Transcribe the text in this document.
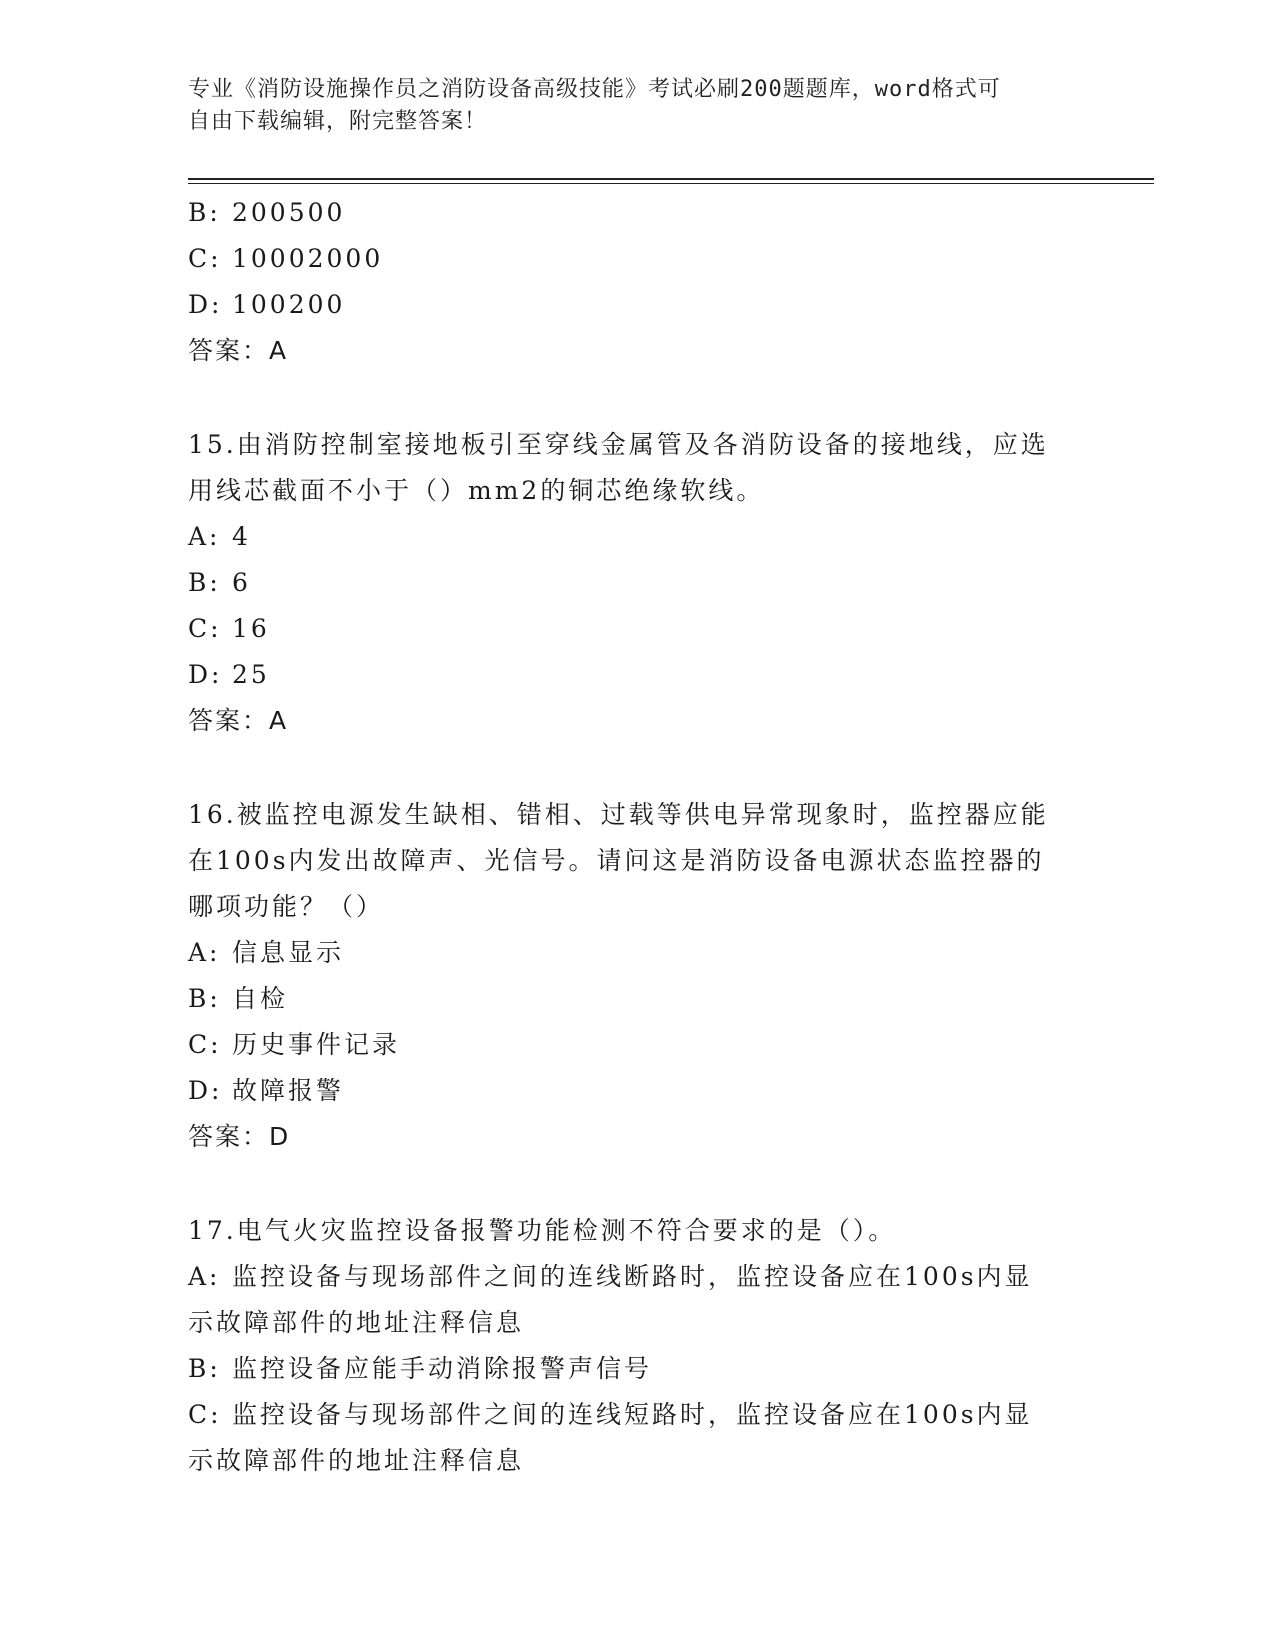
专业《消防设施操作员之消防设备高级技能》考试必刷200题题库，word格式可
自由下载编辑，附完整答案！
B: 200500
C: 10002000
D: 100200
答案：A
15.由消防控制室接地板引至穿线金属管及各消防设备的接地线，应选
用线芯截面不小于（）mm2的铜芯绝缘软线。
A: 4
B: 6
C: 16
D: 25
答案：A
16.被监控电源发生缺相、错相、过载等供电异常现象时，监控器应能
在100s内发出故障声、光信号。请问这是消防设备电源状态监控器的
哪项功能？（）
A: 信息显示
B: 自检
C: 历史事件记录
D: 故障报警
答案：D
17.电气火灾监控设备报警功能检测不符合要求的是（）。
A: 监控设备与现场部件之间的连线断路时，监控设备应在100s内显
示故障部件的地址注释信息
B: 监控设备应能手动消除报警声信号
C: 监控设备与现场部件之间的连线短路时，监控设备应在100s内显
示故障部件的地址注释信息
